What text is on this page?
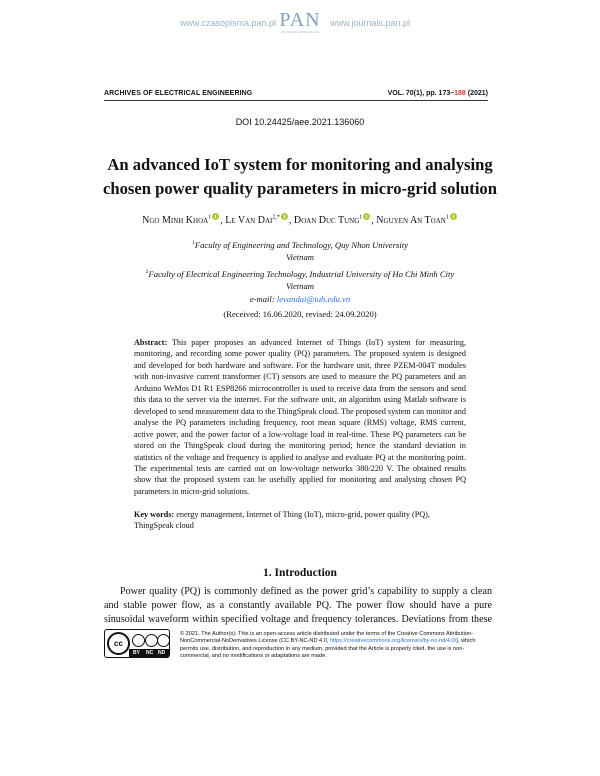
www.czasopisma.pan.pl PAN
POLSKA AKADEMIA NAUK
www.journals.pan.pl
ARCHIVES OF ELECTRICAL ENGINEERING	VOL. 70(1), pp. 173–188 (2021)
DOI 10.24425/aee.2021.136060
An advanced IoT system for monitoring and analysing chosen power quality parameters in micro-grid solution
Ngo Minh Khoa$^1$ , Le Van Dai$^{2,*}$ , Doan Duc Tung$^1$ , Nguyen An Toan$^1$
$^1$Faculty of Engineering and Technology, Quy Nhon University
Vietnam
$^2$Faculty of Electrical Engineering Technology, Industrial University of Ho Chi Minh City
Vietnam
e-mail: levandai@iuh.edu.vn
(Received: 16.06.2020, revised: 24.09.2020)
Abstract: This paper proposes an advanced Internet of Things (IoT) system for measuring, monitoring, and recording some power quality (PQ) parameters. The proposed system is designed and developed for both hardware and software. For the hardware unit, three PZEM-004T modules with non-invasive current transformer (CT) sensors are used to measure the PQ parameters and an Arduino WeMos D1 R1 ESP8266 microcontroller is used to receive data from the sensors and send this data to the server via the internet. For the software unit, an algorithm using Matlab software is developed to send measurement data to the ThingSpeak cloud. The proposed system can monitor and analyse the PQ parameters including frequency, root mean square (RMS) voltage, RMS current, active power, and the power factor of a low-voltage load in real-time. These PQ parameters can be stored on the ThingSpeak cloud during the monitoring period; hence the standard deviation in statistics of the voltage and frequency is applied to analyse and evaluate PQ at the monitoring point. The experimental tests are carried out on low-voltage networks 380/220 V. The obtained results show that the proposed system can be usefully applied for monitoring and analysing chosen PQ parameters in micro-grid solutions.
Key words: energy management, Internet of Thing (IoT), micro-grid, power quality (PQ), ThingSpeak cloud
1. Introduction
Power quality (PQ) is commonly defined as the power grid’s capability to supply a clean and stable power flow, as a constantly available PQ. The power flow should have a pure sinusoidal waveform within specified voltage and frequency tolerances. Deviations from these
cc
BY NC ND
© 2021. The Author(s). This is an open-access article distributed under the terms of the Creative Commons Attribution-NonCommercial-NoDerivatives License (CC BY-NC-ND 4.0, https://creativecommons.org/licenses/by-nc-nd/4.0/), which permits use, distribution, and reproduction in any medium, provided that the Article is properly cited, the use is non-commercial, and no modifications or adaptations are made.
